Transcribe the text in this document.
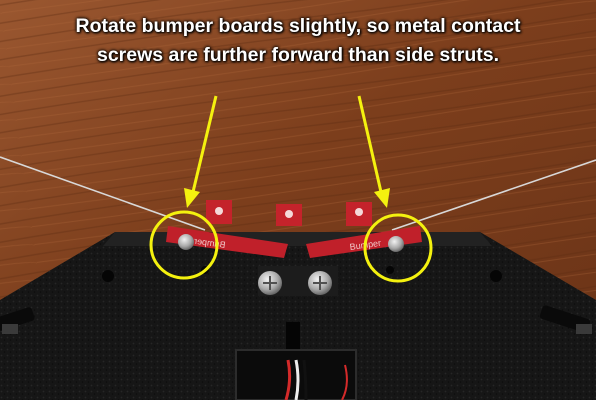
Bumper	Bumper
Rotate bumper boards slightly, so metal contact
screws are further forward than side struts.
